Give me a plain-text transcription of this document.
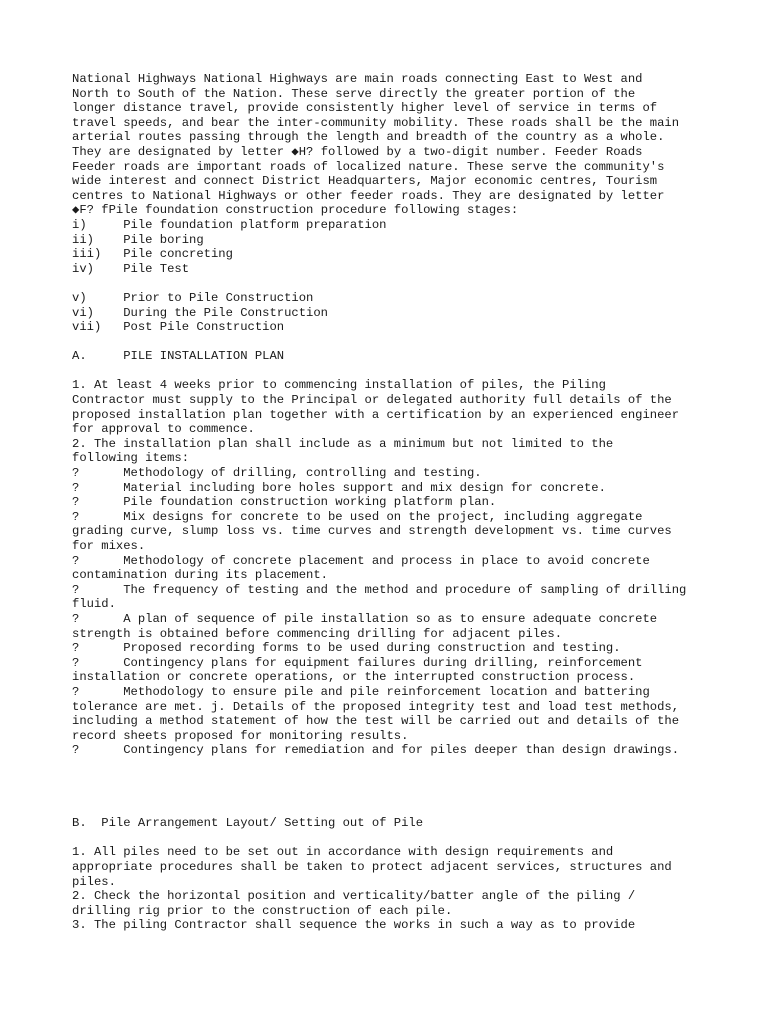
National Highways National Highways are main roads connecting East to West and
North to South of the Nation. These serve directly the greater portion of the
longer distance travel, provide consistently higher level of service in terms of
travel speeds, and bear the inter-community mobility. These roads shall be the main
arterial routes passing through the length and breadth of the country as a whole.
They are designated by letter ◆H? followed by a two-digit number. Feeder Roads
Feeder roads are important roads of localized nature. These serve the community's
wide interest and connect District Headquarters, Major economic centres, Tourism
centres to National Highways or other feeder roads. They are designated by letter
◆F? fPile foundation construction procedure following stages:
i)     Pile foundation platform preparation
ii)    Pile boring
iii)   Pile concreting
iv)    Pile Test
v)     Prior to Pile Construction
vi)    During the Pile Construction
vii)   Post Pile Construction
A.     PILE INSTALLATION PLAN
1. At least 4 weeks prior to commencing installation of piles, the Piling
Contractor must supply to the Principal or delegated authority full details of the
proposed installation plan together with a certification by an experienced engineer
for approval to commence.
2. The installation plan shall include as a minimum but not limited to the
following items:
?      Methodology of drilling, controlling and testing.
?      Material including bore holes support and mix design for concrete.
?      Pile foundation construction working platform plan.
?      Mix designs for concrete to be used on the project, including aggregate
grading curve, slump loss vs. time curves and strength development vs. time curves
for mixes.
?      Methodology of concrete placement and process in place to avoid concrete
contamination during its placement.
?      The frequency of testing and the method and procedure of sampling of drilling
fluid.
?      A plan of sequence of pile installation so as to ensure adequate concrete
strength is obtained before commencing drilling for adjacent piles.
?      Proposed recording forms to be used during construction and testing.
?      Contingency plans for equipment failures during drilling, reinforcement
installation or concrete operations, or the interrupted construction process.
?      Methodology to ensure pile and pile reinforcement location and battering
tolerance are met. j. Details of the proposed integrity test and load test methods,
including a method statement of how the test will be carried out and details of the
record sheets proposed for monitoring results.
?      Contingency plans for remediation and for piles deeper than design drawings.
B.  Pile Arrangement Layout/ Setting out of Pile
1. All piles need to be set out in accordance with design requirements and
appropriate procedures shall be taken to protect adjacent services, structures and
piles.
2. Check the horizontal position and verticality/batter angle of the piling /
drilling rig prior to the construction of each pile.
3. The piling Contractor shall sequence the works in such a way as to provide
